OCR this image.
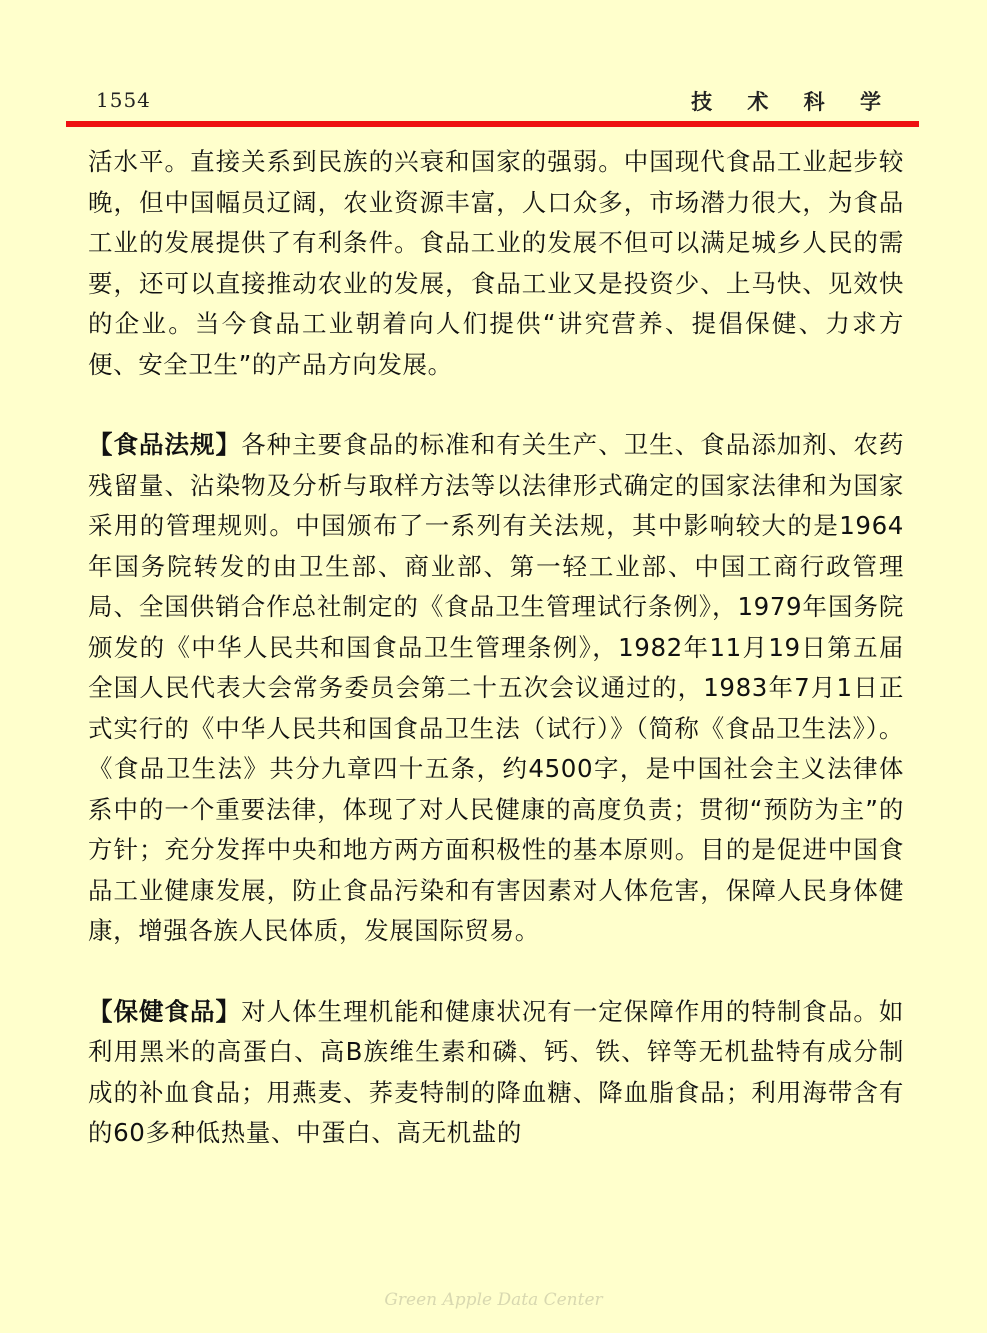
1554	技 术 科 学

活水平。直接关系到民族的兴衰和国家的强弱。中国现代食品工业起步较晚，但中国幅员辽阔，农业资源丰富，人口众多，市场潜力很大，为食品工业的发展提供了有利条件。食品工业的发展不但可以满足城乡人民的需要，还可以直接推动农业的发展，食品工业又是投资少、上马快、见效快的企业。当今食品工业朝着向人们提供“讲究营养、提倡保健、力求方便、安全卫生”的产品方向发展。

【食品法规】各种主要食品的标准和有关生产、卫生、食品添加剂、农药残留量、沾染物及分析与取样方法等以法律形式确定的国家法律和为国家采用的管理规则。中国颁布了一系列有关法规，其中影响较大的是1964年国务院转发的由卫生部、商业部、第一轻工业部、中国工商行政管理局、全国供销合作总社制定的《食品卫生管理试行条例》，1979年国务院颁发的《中华人民共和国食品卫生管理条例》，1982年11月19日第五届全国人民代表大会常务委员会第二十五次会议通过的，1983年7月1日正式实行的《中华人民共和国食品卫生法（试行）》（简称《食品卫生法》）。《食品卫生法》共分九章四十五条，约4500字，是中国社会主义法律体系中的一个重要法律，体现了对人民健康的高度负责；贯彻“预防为主”的方针；充分发挥中央和地方两方面积极性的基本原则。目的是促进中国食品工业健康发展，防止食品污染和有害因素对人体危害，保障人民身体健康，增强各族人民体质，发展国际贸易。

【保健食品】对人体生理机能和健康状况有一定保障作用的特制食品。如利用黑米的高蛋白、高B族维生素和磷、钙、铁、锌等无机盐特有成分制成的补血食品；用燕麦、荞麦特制的降血糖、降血脂食品；利用海带含有的60多种低热量、中蛋白、高无机盐的

Green Apple Data Center
